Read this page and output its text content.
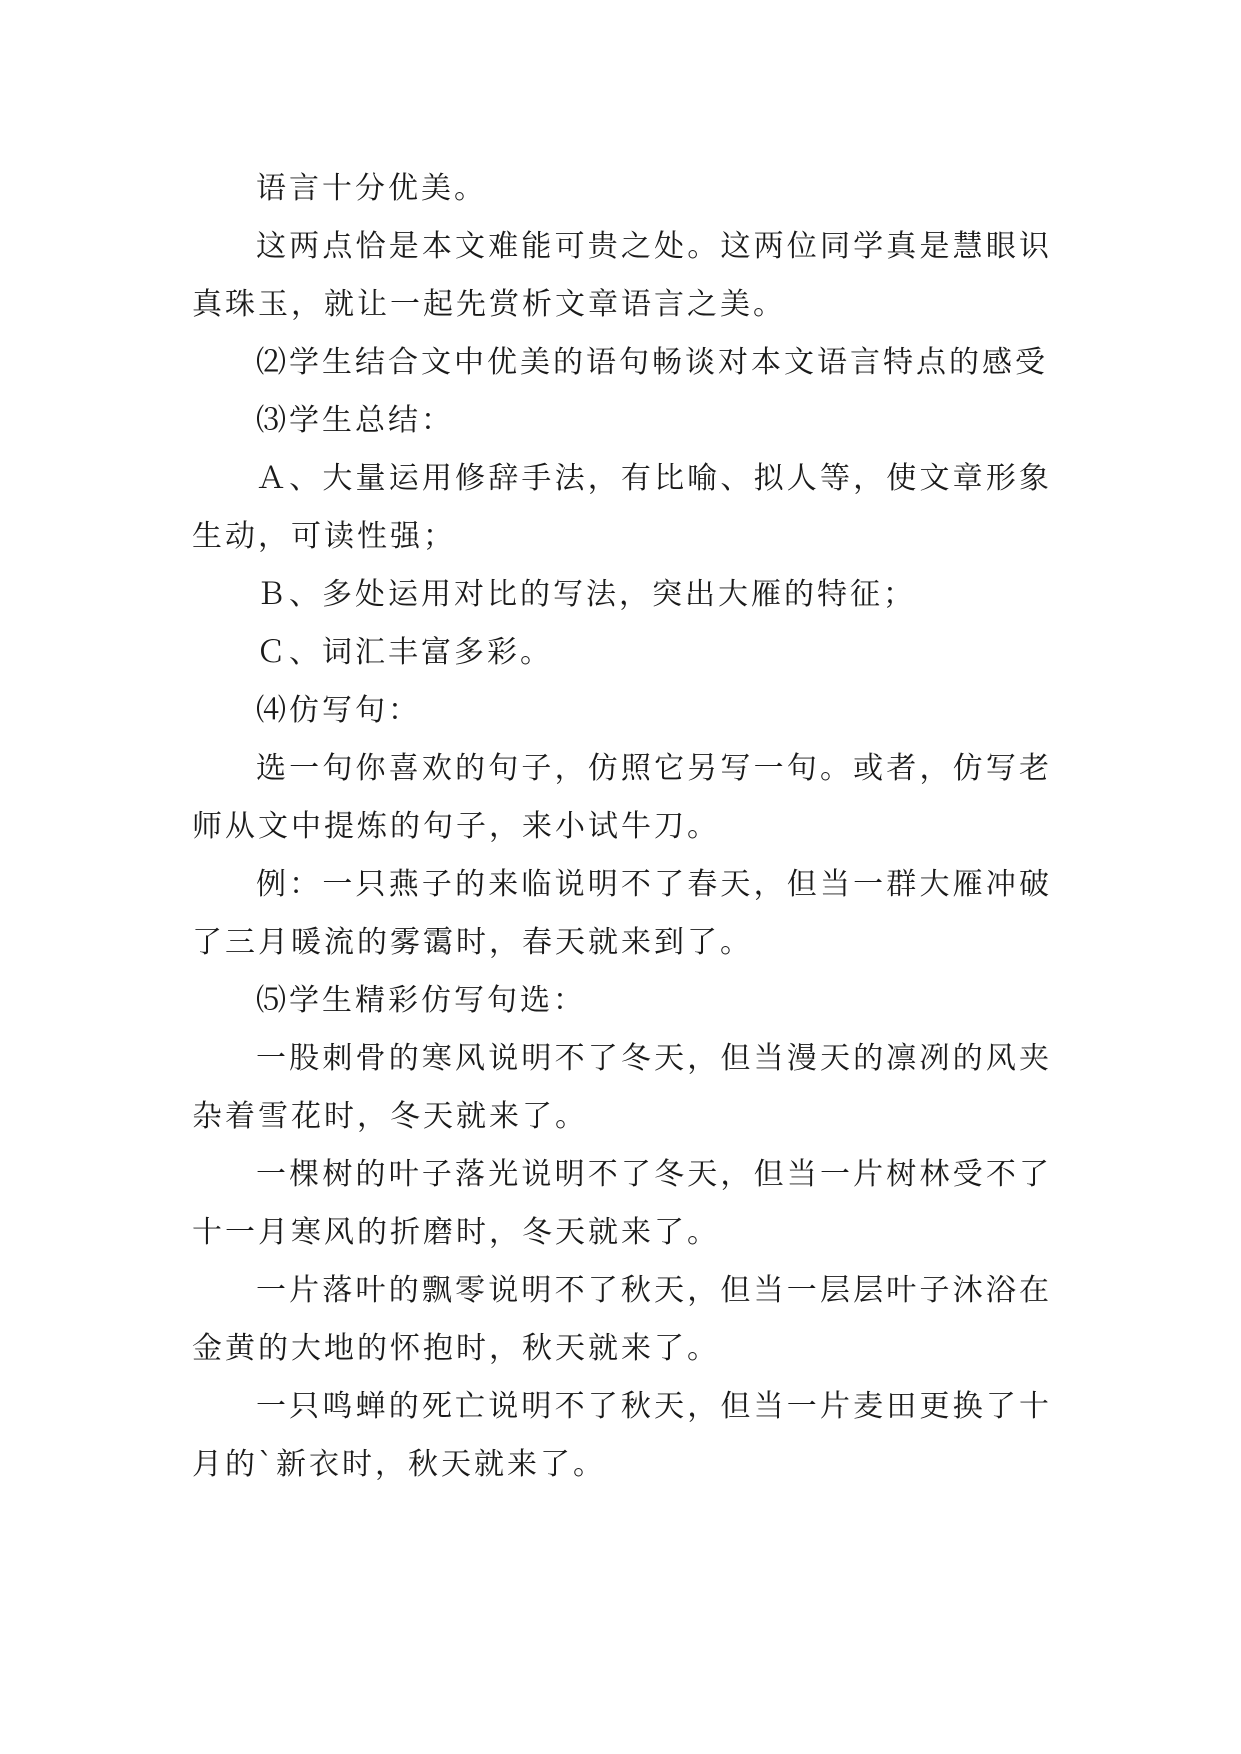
语言十分优美。

这两点恰是本文难能可贵之处。这两位同学真是慧眼识真珠玉，就让一起先赏析文章语言之美。

⑵学生结合文中优美的语句畅谈对本文语言特点的感受

⑶学生总结：

Ａ、大量运用修辞手法，有比喻、拟人等，使文章形象生动，可读性强；

Ｂ、多处运用对比的写法，突出大雁的特征；

Ｃ、词汇丰富多彩。

⑷仿写句：

选一句你喜欢的句子，仿照它另写一句。或者，仿写老师从文中提炼的句子，来小试牛刀。

例：一只燕子的来临说明不了春天，但当一群大雁冲破了三月暖流的雾霭时，春天就来到了。

⑸学生精彩仿写句选：

一股刺骨的寒风说明不了冬天，但当漫天的凛冽的风夹杂着雪花时，冬天就来了。

一棵树的叶子落光说明不了冬天，但当一片树林受不了十一月寒风的折磨时，冬天就来了。

一片落叶的飘零说明不了秋天，但当一层层叶子沐浴在金黄的大地的怀抱时，秋天就来了。

一只鸣蝉的死亡说明不了秋天，但当一片麦田更换了十月的`新衣时，秋天就来了。
